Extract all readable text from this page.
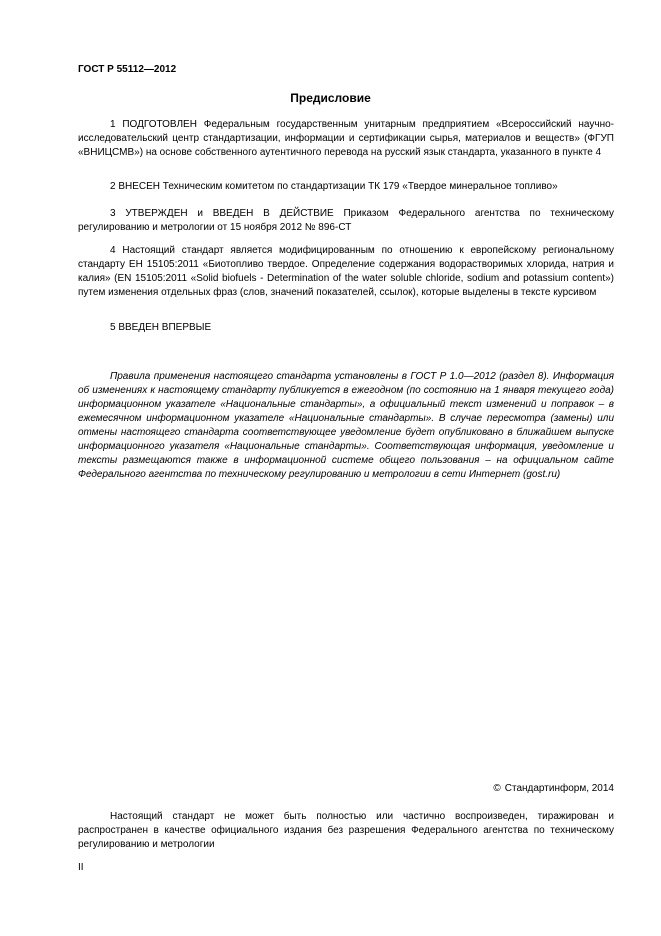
ГОСТ Р 55112—2012
Предисловие

1 ПОДГОТОВЛЕН Федеральным государственным унитарным предприятием «Всероссийский научно-исследовательский центр стандартизации, информации и сертификации сырья, материалов и веществ» (ФГУП «ВНИЦСМВ») на основе собственного аутентичного перевода на русский язык стандарта, указанного в пункте 4

2 ВНЕСЕН Техническим комитетом по стандартизации ТК 179 «Твердое минеральное топливо»

3 УТВЕРЖДЕН и ВВЕДЕН В ДЕЙСТВИЕ Приказом Федерального агентства по техническому регулированию и метрологии от 15 ноября 2012 № 896-СТ

4 Настоящий стандарт является модифицированным по отношению к европейскому региональному стандарту ЕН 15105:2011 «Биотопливо твердое. Определение содержания водорастворимых хлорида, натрия и калия» (EN 15105:2011 «Solid biofuels - Determination of the water soluble chloride, sodium and potassium content») путем изменения отдельных фраз (слов, значений показателей, ссылок), которые выделены в тексте курсивом

5 ВВЕДЕН ВПЕРВЫЕ

Правила применения настоящего стандарта установлены в ГОСТ Р 1.0—2012 (раздел 8). Информация об изменениях к настоящему стандарту публикуется в ежегодном (по состоянию на 1 января текущего года) информационном указателе «Национальные стандарты», а официальный текст изменений и поправок – в ежемесячном информационном указателе «Национальные стандарты». В случае пересмотра (замены) или отмены настоящего стандарта соответствующее уведомление будет опубликовано в ближайшем выпуске информационного указателя «Национальные стандарты». Соответствующая информация, уведомление и тексты размещаются также в информационной системе общего пользования – на официальном сайте Федерального агентства по техническому регулированию и метрологии в сети Интернет (gost.ru)

© Стандартинформ, 2014

Настоящий стандарт не может быть полностью или частично воспроизведен, тиражирован и распространен в качестве официального издания без разрешения Федерального агентства по техническому регулированию и метрологии

II
